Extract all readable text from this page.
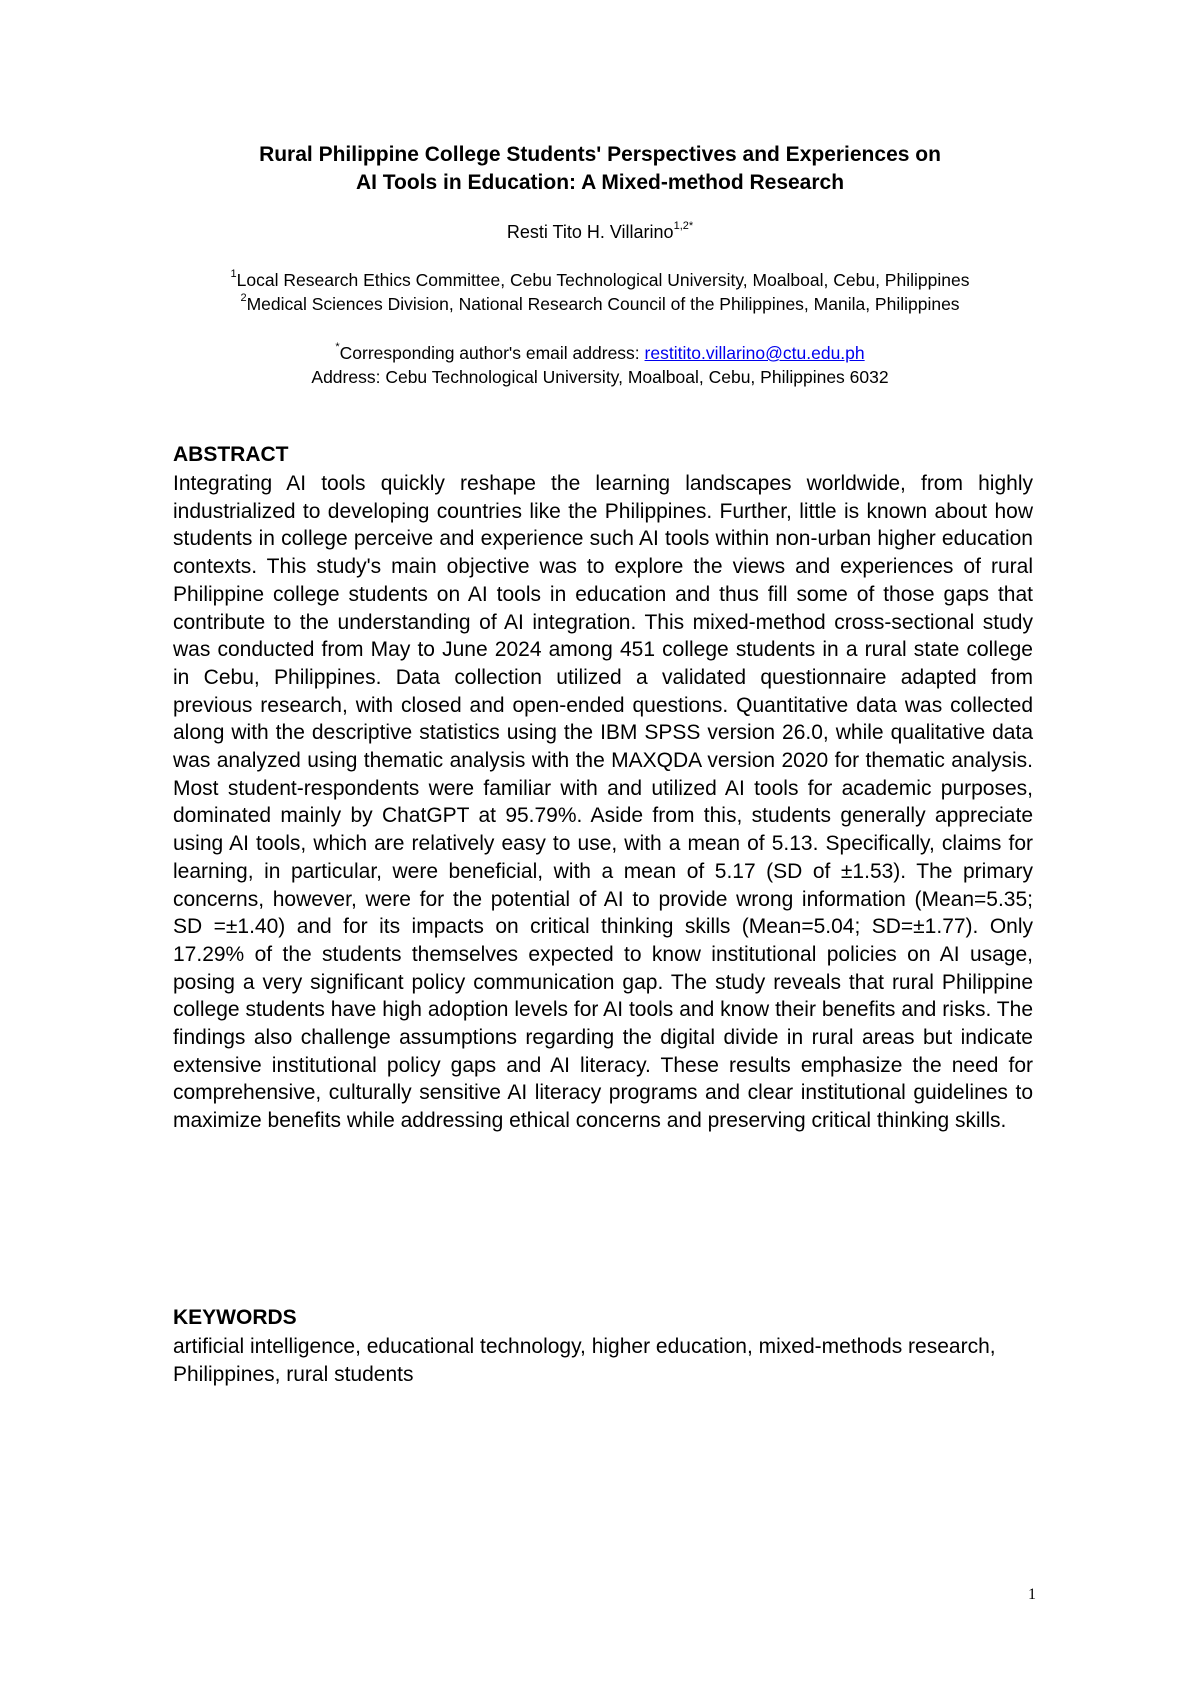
Rural Philippine College Students' Perspectives and Experiences on
AI Tools in Education: A Mixed-method Research
Resti Tito H. Villarino$^{1,2*}$
$^1$Local Research Ethics Committee, Cebu Technological University, Moalboal, Cebu, Philippines
$^2$Medical Sciences Division, National Research Council of the Philippines, Manila, Philippines
*Corresponding author's email address: restitito.villarino@ctu.edu.ph
Address: Cebu Technological University, Moalboal, Cebu, Philippines 6032
ABSTRACT
Integrating AI tools quickly reshape the learning landscapes worldwide, from highly industrialized to developing countries like the Philippines. Further, little is known about how students in college perceive and experience such AI tools within non-urban higher education contexts. This study's main objective was to explore the views and experiences of rural Philippine college students on AI tools in education and thus fill some of those gaps that contribute to the understanding of AI integration. This mixed-method cross-sectional study was conducted from May to June 2024 among 451 college students in a rural state college in Cebu, Philippines. Data collection utilized a validated questionnaire adapted from previous research, with closed and open-ended questions. Quantitative data was collected along with the descriptive statistics using the IBM SPSS version 26.0, while qualitative data was analyzed using thematic analysis with the MAXQDA version 2020 for thematic analysis. Most student-respondents were familiar with and utilized AI tools for academic purposes, dominated mainly by ChatGPT at 95.79%. Aside from this, students generally appreciate using AI tools, which are relatively easy to use, with a mean of 5.13. Specifically, claims for learning, in particular, were beneficial, with a mean of 5.17 (SD of ±1.53). The primary concerns, however, were for the potential of AI to provide wrong information (Mean=5.35; SD =±1.40) and for its impacts on critical thinking skills (Mean=5.04; SD=±1.77). Only 17.29% of the students themselves expected to know institutional policies on AI usage, posing a very significant policy communication gap. The study reveals that rural Philippine college students have high adoption levels for AI tools and know their benefits and risks. The findings also challenge assumptions regarding the digital divide in rural areas but indicate extensive institutional policy gaps and AI literacy. These results emphasize the need for comprehensive, culturally sensitive AI literacy programs and clear institutional guidelines to maximize benefits while addressing ethical concerns and preserving critical thinking skills.
KEYWORDS
artificial intelligence, educational technology, higher education, mixed-methods research, Philippines, rural students
1
